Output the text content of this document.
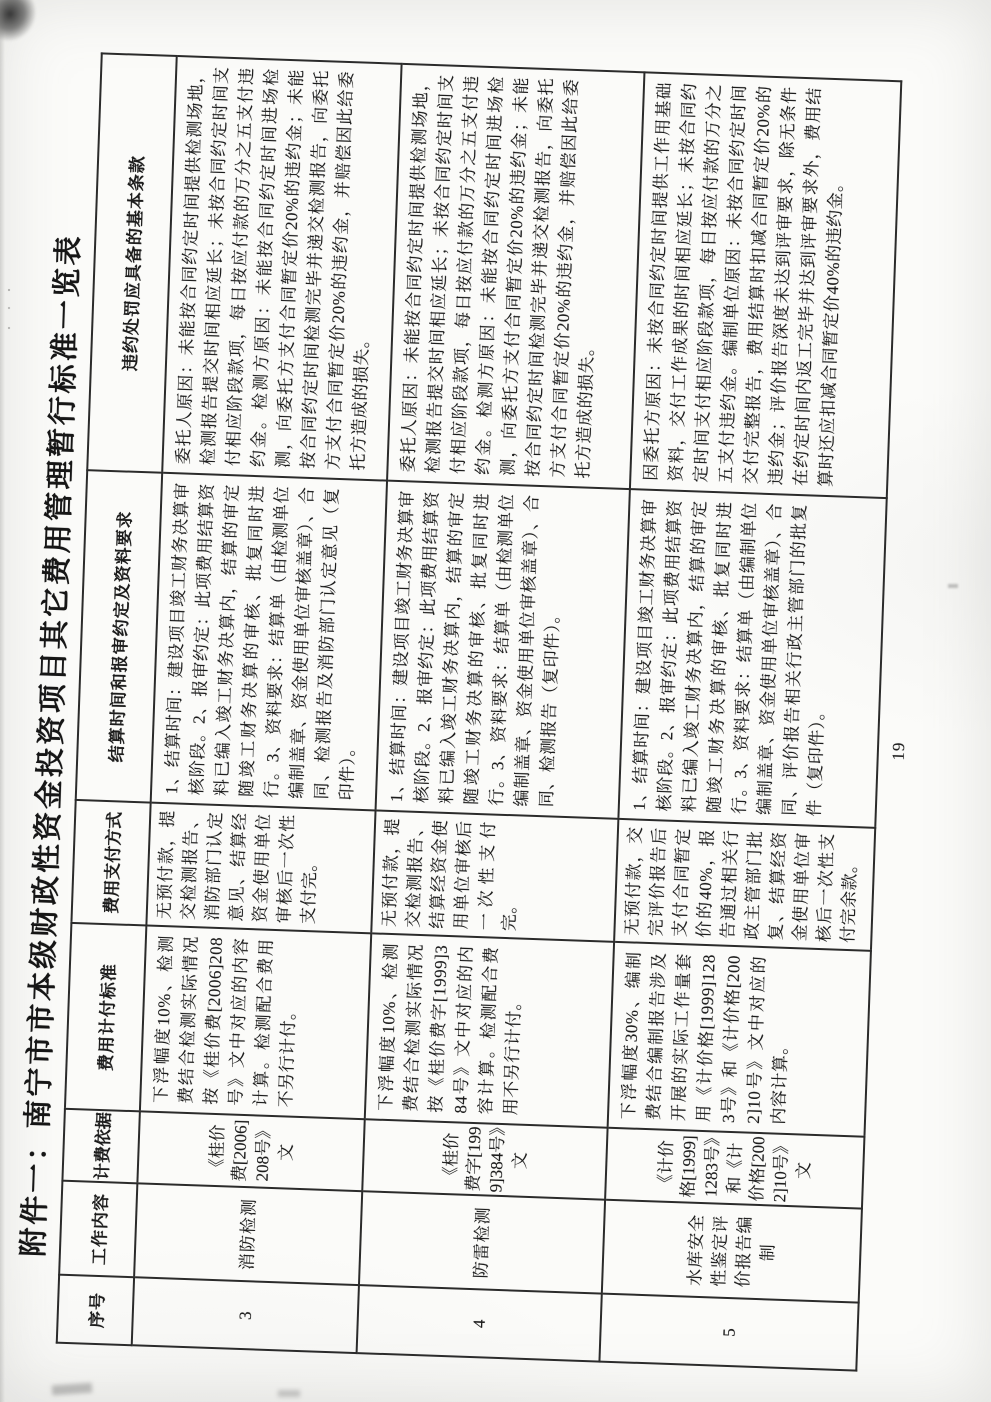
附件一：南宁市市本级财政性资金投资项目其它费用管理暂行标准一览表
序号	工作内容	计费依据	费用计付标准	费用支付方式	结算时间和报审约定及资料要求	违约处罚应具备的基本条款
3	消防检测	《桂价费[2006]208号》文	下浮幅度10%、检测费结合检测实际情况按《桂价费[2006]208号》文中对应的内容计算。检测配合费用不另行计付。	无预付款，提交检测报告、消防部门认定意见、结算经资金使用单位审核后一次性支付完。	1、结算时间：建设项目竣工财务决算审核阶段。2、报审约定：此项费用结算资料已编入竣工财务决算内，结算的审定随竣工财务决算的审核、批复同时进行。3、资料要求：结算单（由检测单位编制盖章、资金使用单位审核盖章）、合同、检测报告及消防部门认定意见（复印件）。	委托人原因：未能按合同约定时间提供检测场地，检测报告提交时间相应延长；未按合同约定时间支付相应阶段款项，每日按应付款的万分之五支付违约金。检测方原因：未能按合同约定时间进场检测，向委托方支付合同暂定价20%的违约金；未能按合同约定时间检测完毕并递交检测报告，向委托方支付合同暂定价20%的违约金，并赔偿因此给委托方造成的损失。
4	防雷检测	《桂价费字[1999]384号》文	下浮幅度10%、检测费结合检测实际情况按《桂价费字[1999]384号》文中对应的内容计算。检测配合费用不另行计付。	无预付款，提交检测报告、结算经资金使用单位审核后一次性支付完。	1、结算时间：建设项目竣工财务决算审核阶段。2、报审约定：此项费用结算资料已编入竣工财务决算内，结算的审定随竣工财务决算的审核、批复同时进行。3、资料要求：结算单（由检测单位编制盖章、资金使用单位审核盖章）、合同、检测报告（复印件）。	委托人原因：未能按合同约定时间提供检测场地，检测报告提交时间相应延长；未按合同约定时间支付相应阶段款项，每日按应付款的万分之五支付违约金。检测方原因：未能按合同约定时间进场检测，向委托方支付合同暂定价20%的违约金；未能按合同约定时间检测完毕并递交检测报告，向委托方支付合同暂定价20%的违约金，并赔偿因此给委托方造成的损失。
5	水库安全性鉴定评价报告编制	《计价格[1999]1283号》和《计价格[2002]10号》文	下浮幅度30%、编制费结合编制报告涉及开展的实际工作量套用《计价格[1999]1283号》和《计价格[2002]10号》文中对应的内容计算。	无预付款，交完评价报告后支付合同暂定价的40%，报告通过相关行政主管部门批复、结算经资金使用单位审核后一次性支付完余款。	1、结算时间：建设项目竣工财务决算审核阶段。2、报审约定：此项费用结算资料已编入竣工财务决算内，结算的审定随竣工财务决算的审核、批复同时进行。3、资料要求：结算单（由编制单位编制盖章、资金使用单位审核盖章）、合同、评价报告相关行政主管部门的批复件（复印件）。	因委托方原因：未按合同约定时间提供工作用基础资料，交付工作成果的时间相应延长；未按合同约定时间支付相应阶段款项，每日按应付款的万分之五支付违约金。编制单位原因：未按合同约定时间交付完整报告，费用结算时扣减合同暂定价20%的违约金；评价报告深度未达到评审要求，除无条件在约定时间内返工完毕并达到评审要求外，费用结算时还应扣减合同暂定价40%的违约金。
19
